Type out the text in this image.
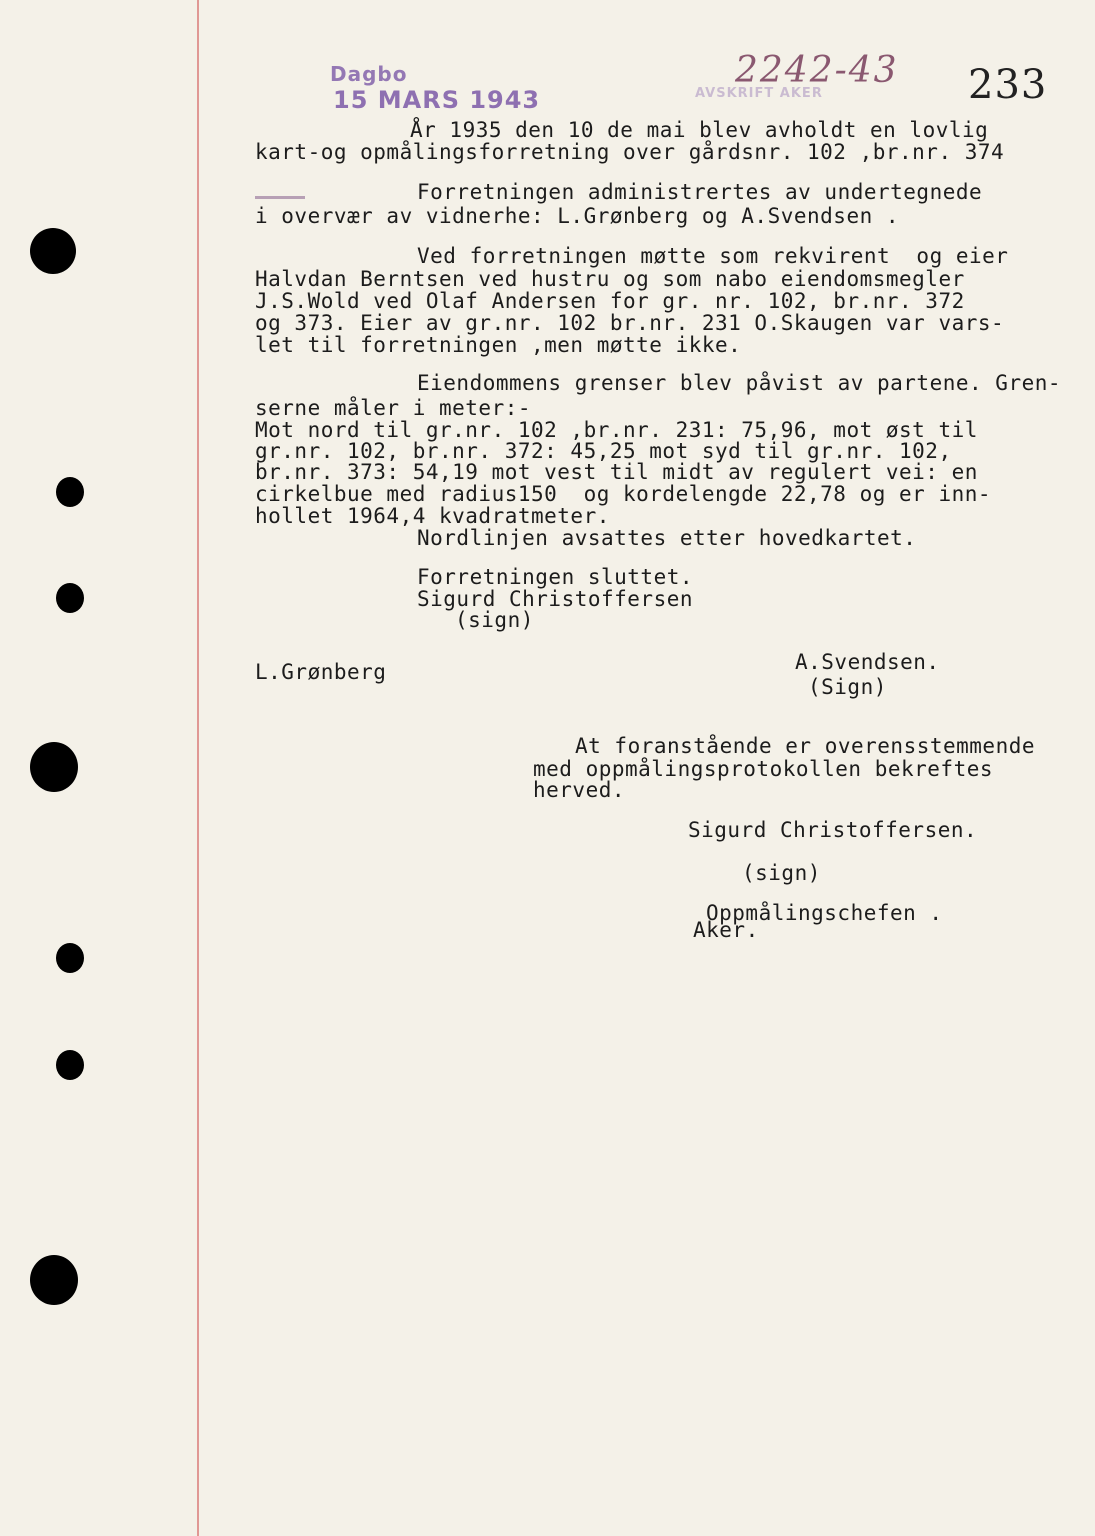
Dagbo
15 MARS 1943	AVSKRIFT AKER
2242-43 233
År 1935 den 10 de mai blev avholdt en lovlig
kart-og opmålingsforretning over gårdsnr. 102 ,br.nr. 374
Forretningen administrertes av undertegnede
i overvær av vidnerhe: L.Grønberg og A.Svendsen .
Ved forretningen møtte som rekvirent  og eier
Halvdan Berntsen ved hustru og som nabo eiendomsmegler
J.S.Wold ved Olaf Andersen for gr. nr. 102, br.nr. 372
og 373. Eier av gr.nr. 102 br.nr. 231 O.Skaugen var vars-
let til forretningen ,men møtte ikke.
Eiendommens grenser blev påvist av partene. Gren-
serne måler i meter:-
Mot nord til gr.nr. 102 ,br.nr. 231: 75,96, mot øst til
gr.nr. 102, br.nr. 372: 45,25 mot syd til gr.nr. 102,
br.nr. 373: 54,19 mot vest til midt av regulert vei: en
cirkelbue med radius150  og kordelengde 22,78 og er inn-
hollet 1964,4 kvadratmeter.
Nordlinjen avsattes etter hovedkartet.
Forretningen sluttet.
Sigurd Christoffersen
(sign)
L.Grønberg	A.Svendsen.
(Sign)
At foranstående er overensstemmende
med oppmålingsprotokollen bekreftes
herved.
Sigurd Christoffersen.
(sign)
Oppmålingschefen .
Aker.
